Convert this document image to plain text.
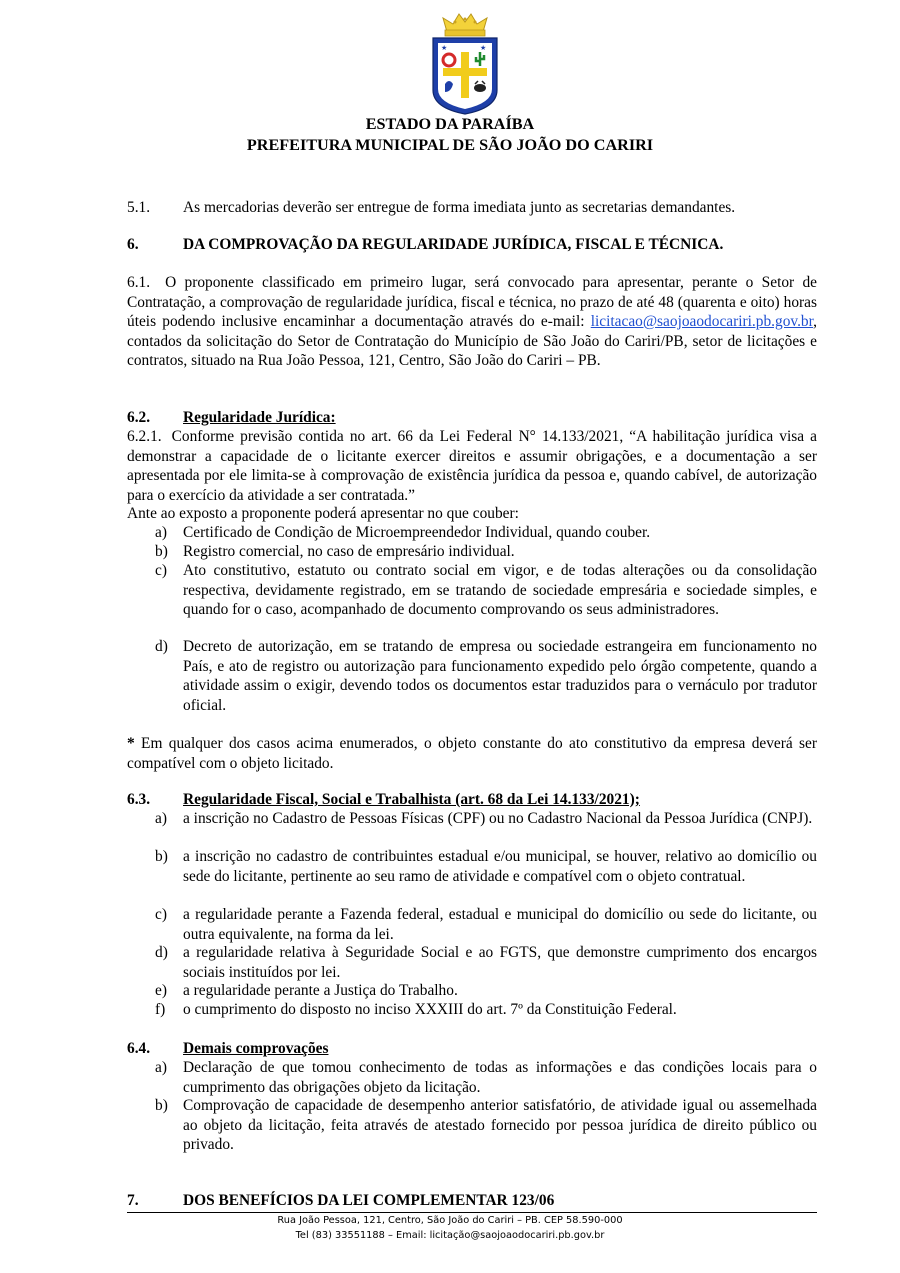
★	★
ESTADO DA PARAÍBA
PREFEITURA MUNICIPAL DE SÃO JOÃO DO CARIRI
5.1. As mercadorias deverão ser entregue de forma imediata junto as secretarias demandantes.
6.	DA COMPROVAÇÃO DA REGULARIDADE JURÍDICA, FISCAL E TÉCNICA.
6.1. O proponente classificado em primeiro lugar, será convocado para apresentar, perante o Setor de Contratação, a comprovação de regularidade jurídica, fiscal e técnica, no prazo de até 48 (quarenta e oito) horas úteis podendo inclusive encaminhar a documentação através do e-mail: licitacao@saojoaodocariri.pb.gov.br, contados da solicitação do Setor de Contratação do Município de São João do Cariri/PB, setor de licitações e contratos, situado na Rua João Pessoa, 121, Centro, São João do Cariri – PB.
6.2. Regularidade Jurídica:
6.2.1. Conforme previsão contida no art. 66 da Lei Federal N° 14.133/2021, “A habilitação jurídica visa a demonstrar a capacidade de o licitante exercer direitos e assumir obrigações, e a documentação a ser apresentada por ele limita-se à comprovação de existência jurídica da pessoa e, quando cabível, de autorização para o exercício da atividade a ser contratada.”
Ante ao exposto a proponente poderá apresentar no que couber:
a) Certificado de Condição de Microempreendedor Individual, quando couber.
b) Registro comercial, no caso de empresário individual.
c) Ato constitutivo, estatuto ou contrato social em vigor, e de todas alterações ou da consolidação respectiva, devidamente registrado, em se tratando de sociedade empresária e sociedade simples, e quando for o caso, acompanhado de documento comprovando os seus administradores.
d) Decreto de autorização, em se tratando de empresa ou sociedade estrangeira em funcionamento no País, e ato de registro ou autorização para funcionamento expedido pelo órgão competente, quando a atividade assim o exigir, devendo todos os documentos estar traduzidos para o vernáculo por tradutor oficial.
* Em qualquer dos casos acima enumerados, o objeto constante do ato constitutivo da empresa deverá ser compatível com o objeto licitado.
6.3. Regularidade Fiscal, Social e Trabalhista (art. 68 da Lei 14.133/2021);
a) a inscrição no Cadastro de Pessoas Físicas (CPF) ou no Cadastro Nacional da Pessoa Jurídica (CNPJ).
b) a inscrição no cadastro de contribuintes estadual e/ou municipal, se houver, relativo ao domicílio ou sede do licitante, pertinente ao seu ramo de atividade e compatível com o objeto contratual.
c) a regularidade perante a Fazenda federal, estadual e municipal do domicílio ou sede do licitante, ou outra equivalente, na forma da lei.
d) a regularidade relativa à Seguridade Social e ao FGTS, que demonstre cumprimento dos encargos sociais instituídos por lei.
e) a regularidade perante a Justiça do Trabalho.
f) o cumprimento do disposto no inciso XXXIII do art. 7º da Constituição Federal.
6.4. Demais comprovações
a) Declaração de que tomou conhecimento de todas as informações e das condições locais para o cumprimento das obrigações objeto da licitação.
b) Comprovação de capacidade de desempenho anterior satisfatório, de atividade igual ou assemelhada ao objeto da licitação, feita através de atestado fornecido por pessoa jurídica de direito público ou privado.
7.	DOS BENEFÍCIOS DA LEI COMPLEMENTAR 123/06
Rua João Pessoa, 121, Centro, São João do Cariri – PB. CEP 58.590-000
Tel (83) 33551188 – Email: licitação@saojoaodocariri.pb.gov.br
